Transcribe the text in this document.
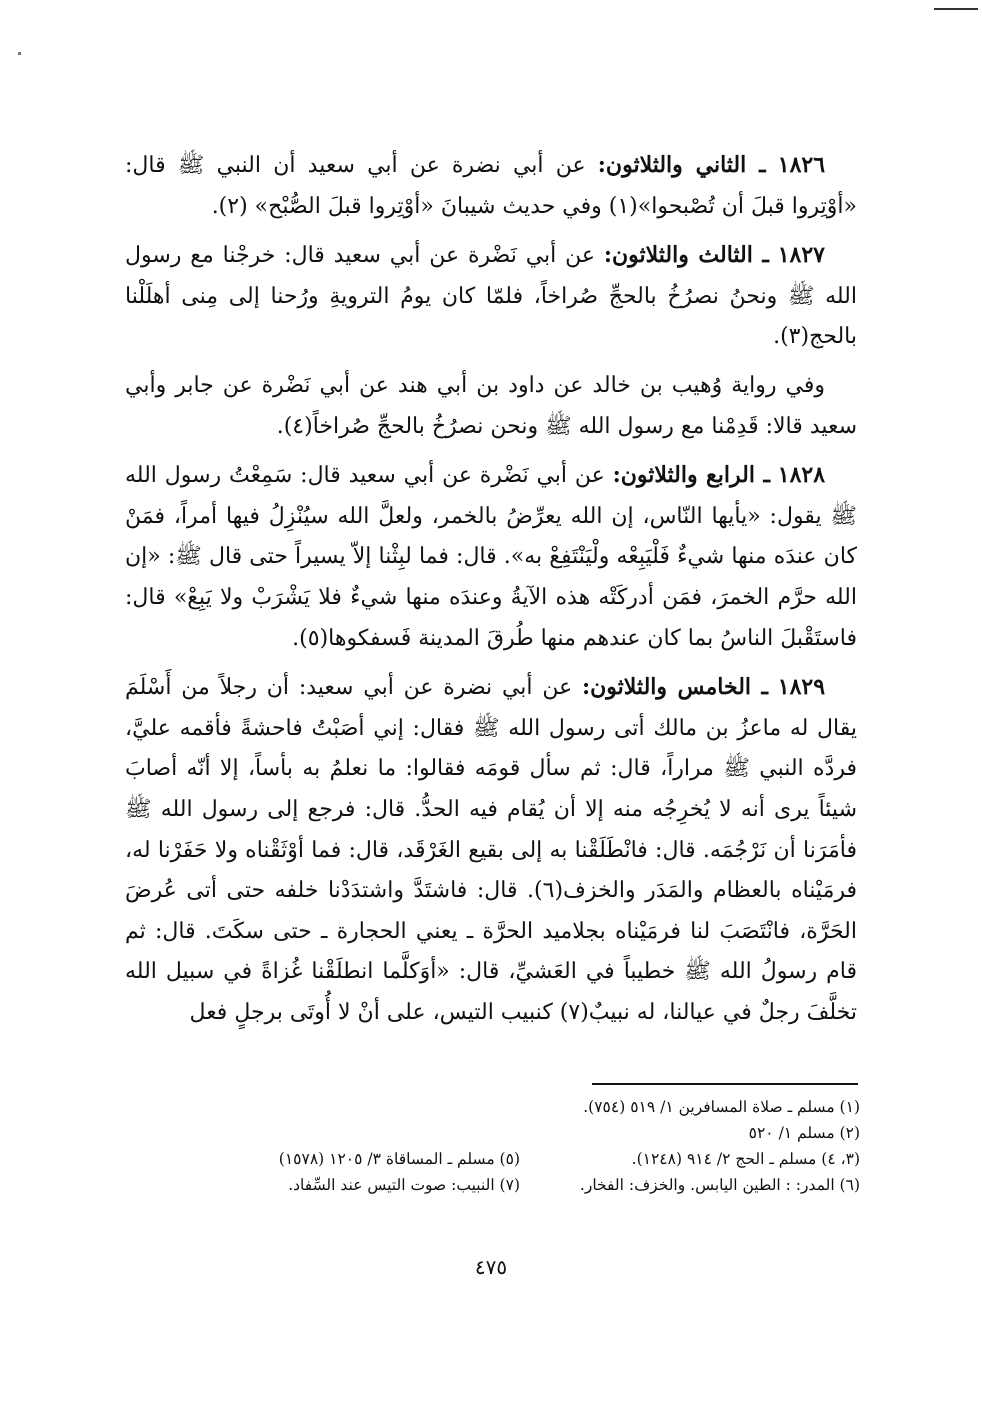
١٨٢٦ ـ الثاني والثلاثون: عن أبي نضرة عن أبي سعيد أن النبي ﷺ قال: «أوْتِروا قبلَ أن تُصْبحوا»(١) وفي حديث شيبانَ «أوْتِروا قبلَ الصُّبْح» (٢).

١٨٢٧ ـ الثالث والثلاثون: عن أبي نَضْرة عن أبي سعيد قال: خرجْنا مع رسول الله ﷺ ونحنُ نصرُخُ بالحجِّ صُراخاً، فلمّا كان يومُ الترويةِ ورُحنا إلى مِنى أهلَلْنا بالحج(٣).

وفي رواية وُهيب بن خالد عن داود بن أبي هند عن أبي نَضْرة عن جابر وأبي سعيد قالا: قَدِمْنا مع رسول الله ﷺ ونحن نصرُخُ بالحجِّ صُراخاً(٤).

١٨٢٨ ـ الرابع والثلاثون: عن أبي نَضْرة عن أبي سعيد قال: سَمِعْتُ رسول الله ﷺ يقول: «يأيها النّاس، إن الله يعرِّضُ بالخمر، ولعلَّ الله سيُنْزِلُ فيها أمراً، فمَنْ كان عندَه منها شيءٌ فَلْيَبِعْه ولْيَنْتَفِعْ به». قال: فما لبِثْنا إلاّ يسيراً حتى قال ﷺ: «إن الله حرَّم الخمرَ، فمَن أدركَتْه هذه الآيةُ وعندَه منها شيءٌ فلا يَشْرَبْ ولا يَبِعْ» قال: فاستَقْبلَ الناسُ بما كان عندهم منها طُرقَ المدينة فَسفكوها(٥).

١٨٢٩ ـ الخامس والثلاثون: عن أبي نضرة عن أبي سعيد: أن رجلاً من أَسْلَمَ يقال له ماعزُ بن مالك أتى رسول الله ﷺ فقال: إني أصَبْتُ فاحشةً فأقمه عليَّ، فردَّه النبي ﷺ مراراً، قال: ثم سأل قومَه فقالوا: ما نعلمُ به بأساً، إلا أنّه أصابَ شيئاً يرى أنه لا يُخرِجُه منه إلا أن يُقام فيه الحدُّ. قال: فرجع إلى رسول الله ﷺ فأمَرَنا أن نَرْجُمَه. قال: فانْطَلَقْنا به إلى بقيع الغَرْقَد، قال: فما أوْثَقْناه ولا حَفَرْنا له، فرمَيْناه بالعظام والمَدَر والخزف(٦). قال: فاشتَدَّ واشتدَدْنا خلفه حتى أتى عُرضَ الحَرَّة، فانْتَصَبَ لنا فرمَيْناه بجلاميد الحرَّة ـ يعني الحجارة ـ حتى سكَتَ. قال: ثم قام رسولُ الله ﷺ خطيباً في العَشيِّ، قال: «أوَكلَّما انطلَقْنا غُزاةً في سبيل الله تخلَّفَ رجلٌ في عيالنا، له نبيبٌ(٧) كنبيب التيس، على أنْ لا أُوتَى برجلٍ فعل

(١) مسلم ـ صلاة المسافرين ١/ ٥١٩ (٧٥٤).
(٢) مسلم ١/ ٥٢٠
(٣، ٤) مسلم ـ الحج ٢/ ٩١٤ (١٢٤٨).
(٥) مسلم ـ المساقاة ٣/ ١٢٠٥ (١٥٧٨)
(٦) المدر: : الطين اليابس. والخزف: الفخار.
(٧) النبيب: صوت التيس عند السِّفاد.
٤٧٥
